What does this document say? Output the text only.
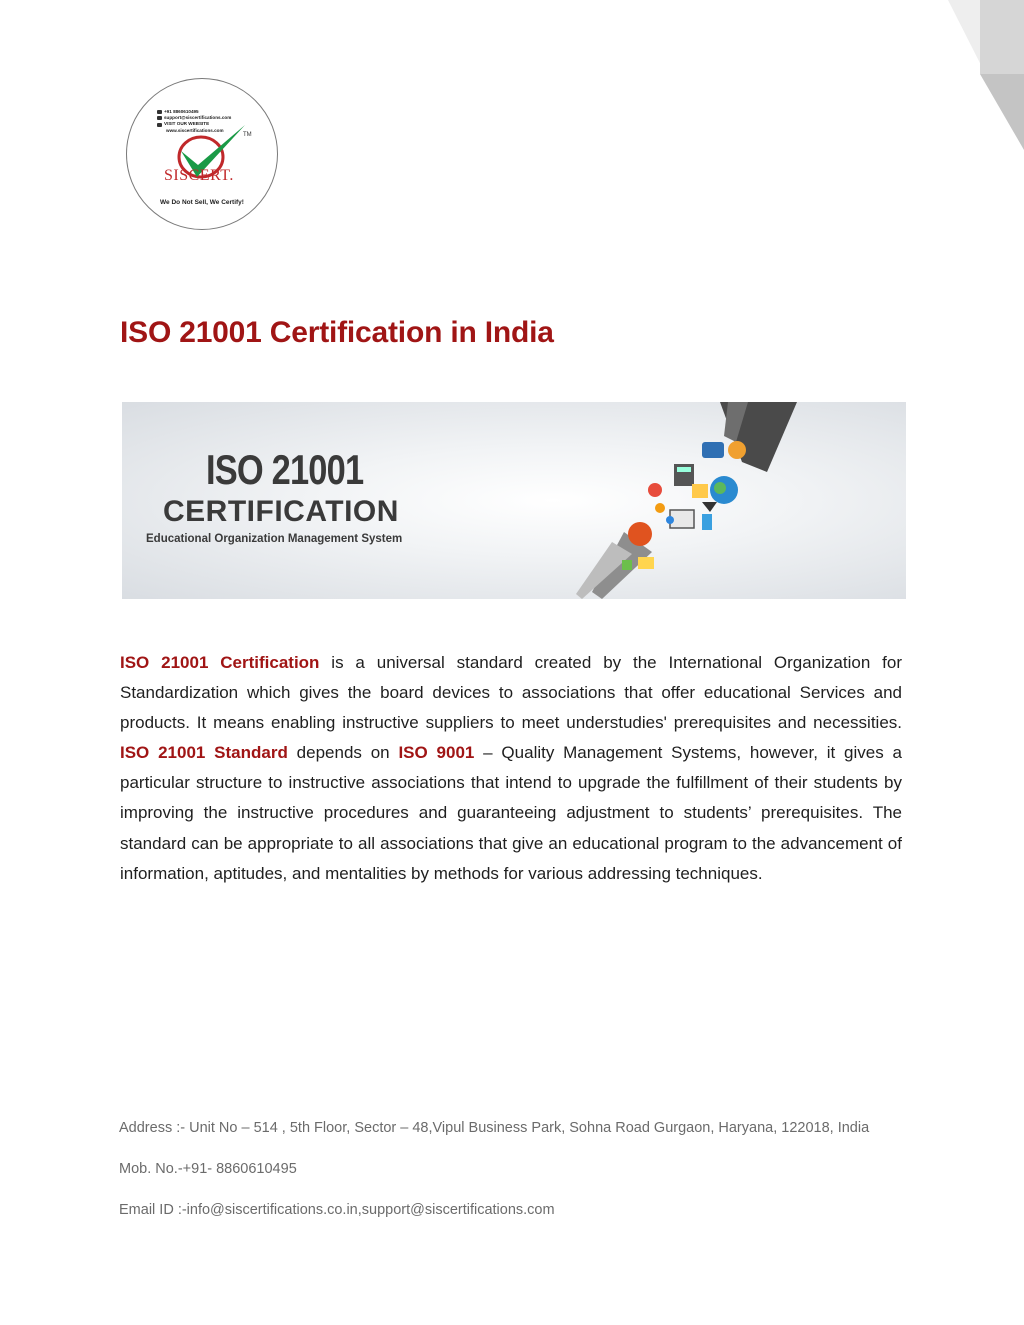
+91 8860610495
support@siscertifications.com
VISIT OUR WEBSITE
www.siscertifications.com
TM
SISCERT.
We Do Not Sell, We Certify!
ISO 21001 Certification in India
ISO 21001
CERTIFICATION
Educational Organization Management System

ISO 21001 Certification is a universal standard created by the International Organization for Standardization which gives the board devices to associations that offer educational Services and products. It means enabling instructive suppliers to meet understudies' prerequisites and necessities. ISO 21001 Standard depends on ISO 9001 – Quality Management Systems, however, it gives a particular structure to instructive associations that intend to upgrade the fulfillment of their students by improving the instructive procedures and guaranteeing adjustment to students’ prerequisites. The standard can be appropriate to all associations that give an educational program to the advancement of information, aptitudes, and mentalities by methods for various addressing techniques.

Address :- Unit No – 514 , 5th Floor, Sector – 48,Vipul Business Park, Sohna Road Gurgaon, Haryana, 122018, India

Mob. No.-+91- 8860610495

Email ID :-info@siscertifications.co.in,support@siscertifications.com
